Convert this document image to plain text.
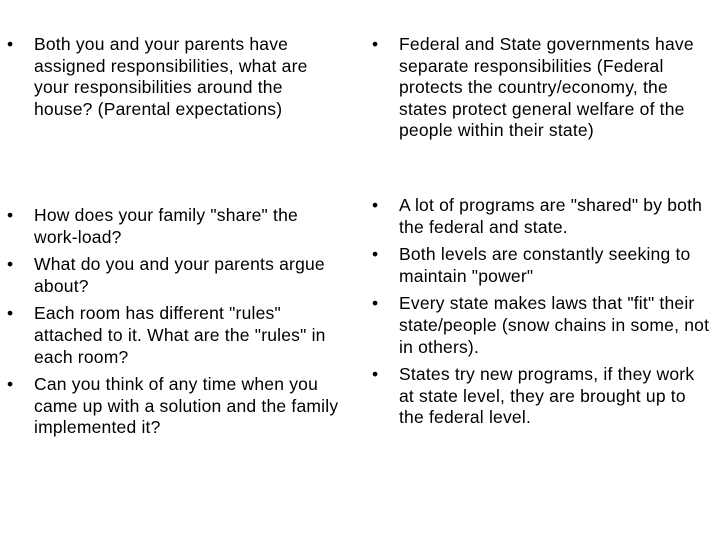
• Both you and your parents have assigned responsibilities, what are your responsibilities around the house? (Parental expectations)
• Federal and State governments have separate responsibilities (Federal protects the country/economy, the states protect general welfare of the people within their state)
• How does your family "share" the work-load?
• What do you and your parents argue about?
• Each room has different "rules" attached to it. What are the "rules" in each room?
• Can you think of any time when you came up with a solution and the family implemented it?
• A lot of programs are "shared" by both the federal and state.
• Both levels are constantly seeking to maintain "power"
• Every state makes laws that "fit" their state/people (snow chains in some, not in others).
• States try new programs, if they work at state level, they are brought up to the federal level.
